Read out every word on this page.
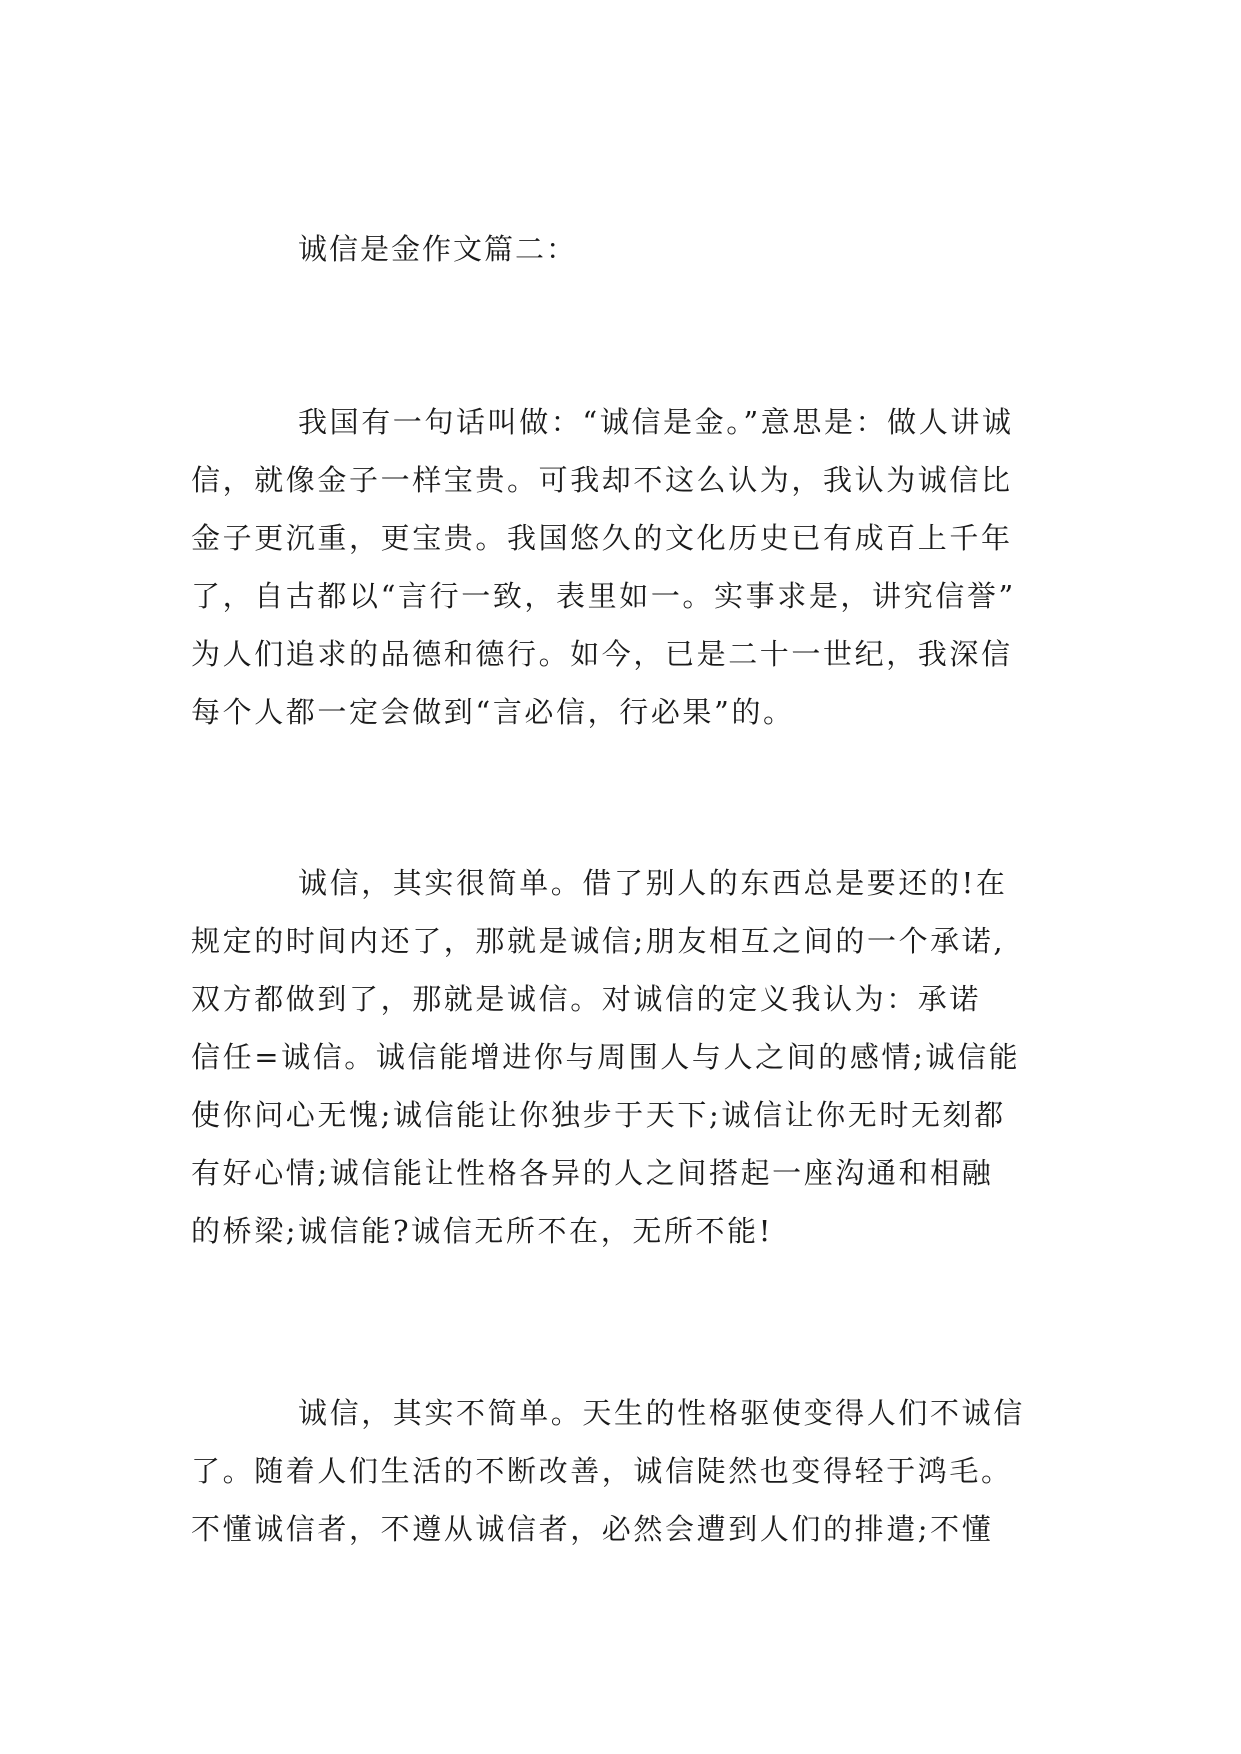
诚信是金作文篇二：
我国有一句话叫做：“诚信是金。”意思是：做人讲诚
信，就像金子一样宝贵。可我却不这么认为，我认为诚信比
金子更沉重，更宝贵。我国悠久的文化历史已有成百上千年
了，自古都以“言行一致，表里如一。实事求是，讲究信誉”
为人们追求的品德和德行。如今，已是二十一世纪，我深信
每个人都一定会做到“言必信，行必果”的。
诚信，其实很简单。借了别人的东西总是要还的!在
规定的时间内还了，那就是诚信;朋友相互之间的一个承诺,
双方都做到了，那就是诚信。对诚信的定义我认为：承诺
信任=诚信。诚信能增进你与周围人与人之间的感情;诚信能
使你问心无愧;诚信能让你独步于天下;诚信让你无时无刻都
有好心情;诚信能让性格各异的人之间搭起一座沟通和相融
的桥梁;诚信能?诚信无所不在，无所不能!
诚信，其实不简单。天生的性格驱使变得人们不诚信
了。随着人们生活的不断改善，诚信陡然也变得轻于鸿毛。
不懂诚信者，不遵从诚信者，必然会遭到人们的排遣;不懂
